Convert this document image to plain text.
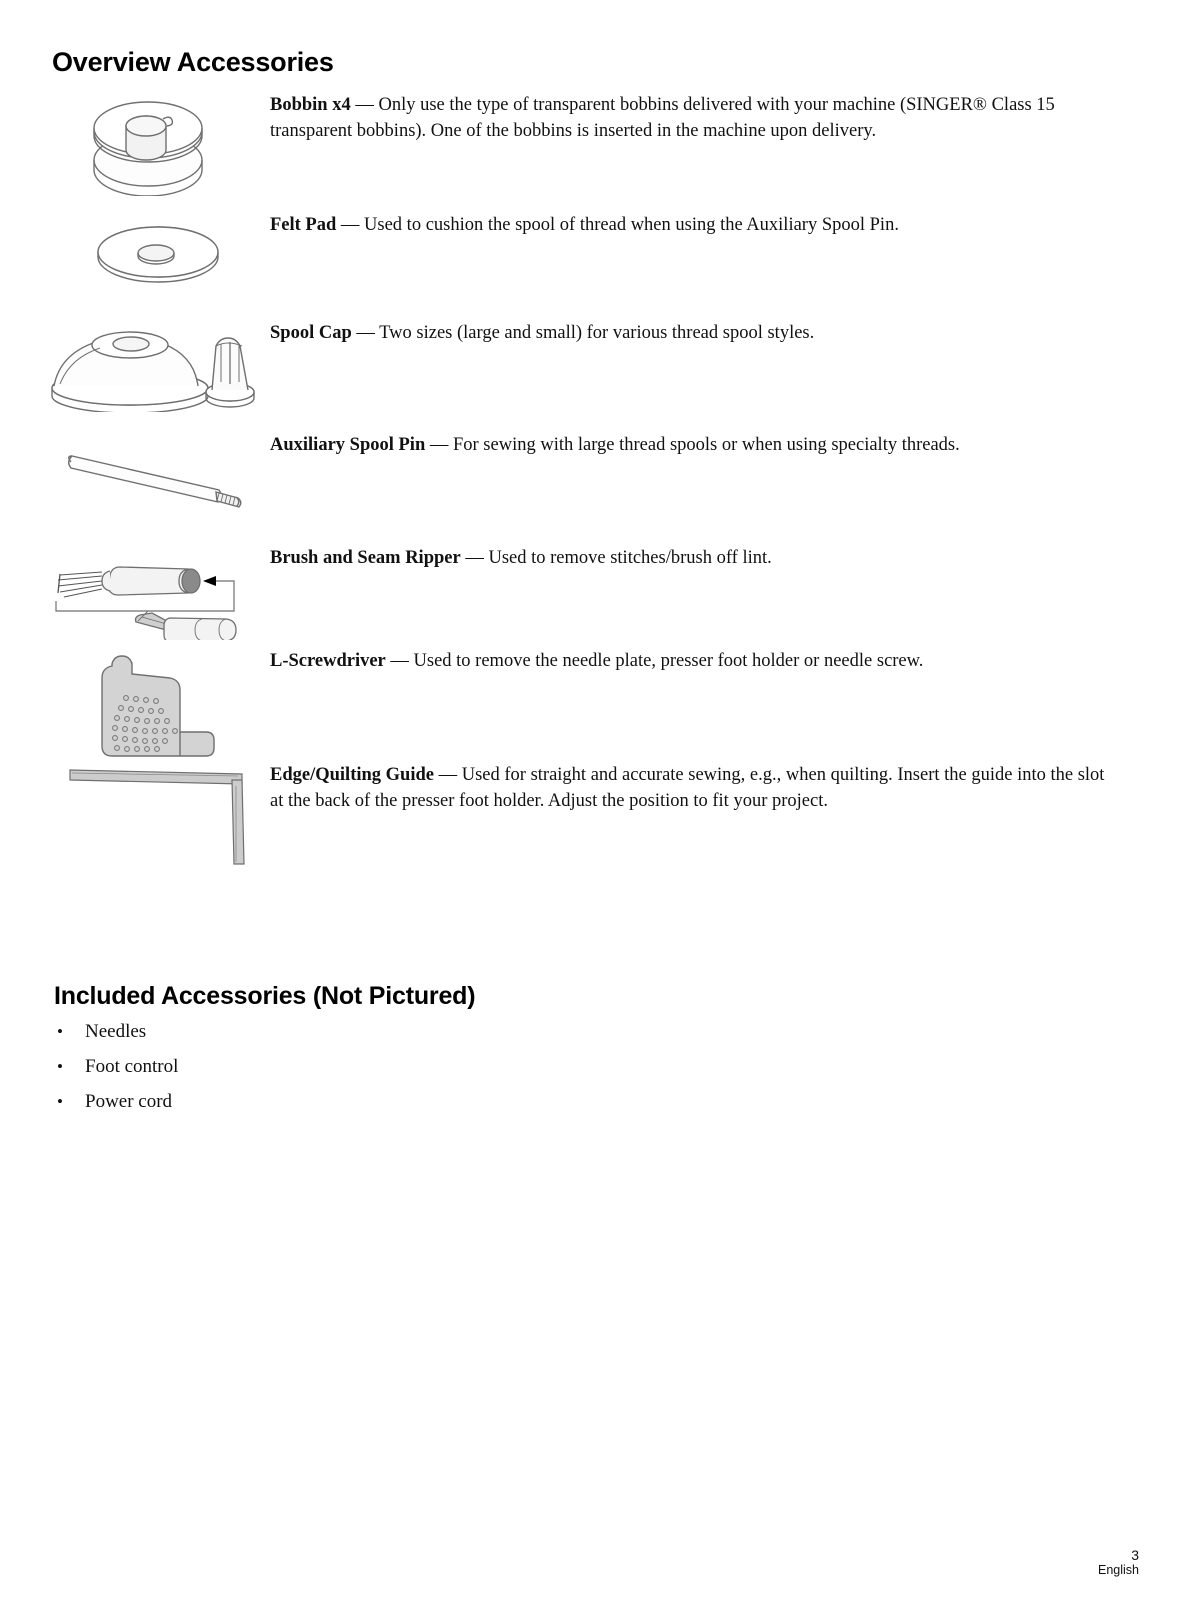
Overview Accessories
Bobbin x4 — Only use the type of transparent bobbins delivered with your machine (SINGER® Class 15 transparent bobbins). One of the bobbins is inserted in the machine upon delivery.
Felt Pad — Used to cushion the spool of thread when using the Auxiliary Spool Pin.
Spool Cap — Two sizes (large and small) for various thread spool styles.
Auxiliary Spool Pin — For sewing with large thread spools or when using specialty threads.
Brush and Seam Ripper — Used to remove stitches/brush off lint.
L-Screwdriver — Used to remove the needle plate, presser foot holder or needle screw.
Edge/Quilting Guide — Used for straight and accurate sewing, e.g., when quilting. Insert the guide into the slot at the back of the presser foot holder. Adjust the position to fit your project.
Included Accessories (Not Pictured)
• Needles
• Foot control
• Power cord
3
English
